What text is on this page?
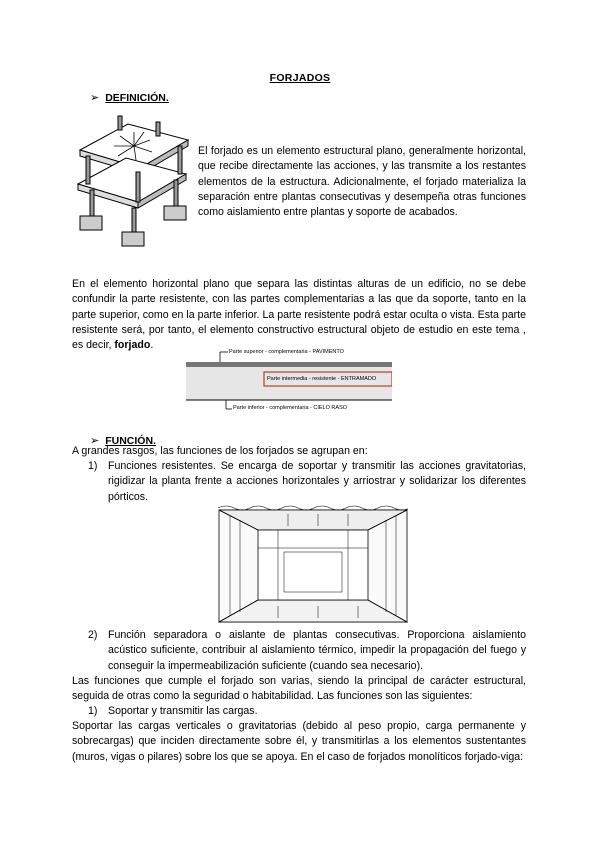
FORJADOS
➢ DEFINICIÓN.
El forjado es un elemento estructural plano, generalmente horizontal, que recibe directamente las acciones, y las transmite a los restantes elementos de la estructura. Adicionalmente, el forjado materializa la separación entre plantas consecutivas y desempeña otras funciones como aislamiento entre plantas y soporte de acabados.
En el elemento horizontal plano que separa las distintas alturas de un edificio, no se debe confundir la parte resistente, con las partes complementarias a las que da soporte, tanto en la parte superior, como en la parte inferior. La parte resistente podrá estar oculta o vista. Esta parte resistente será, por tanto, el elemento constructivo estructural objeto de estudio en este tema , es decir, forjado.
Parte superior - complementaria - PAVIMENTO
Parte intermedia - resistente - ENTRAMADO
Parte inferior - complementaria - CIELO RASO
➢ FUNCIÓN.
A grandes rasgos, las funciones de los forjados se agrupan en:
1) Funciones resistentes. Se encarga de soportar y transmitir las acciones gravitatorias, rigidizar la planta frente a acciones horizontales y arriostrar y solidarizar los diferentes pórticos.
2) Función separadora o aislante de plantas consecutivas. Proporciona aislamiento acústico suficiente, contribuir al aislamiento térmico, impedir la propagación del fuego y conseguir la impermeabilización suficiente (cuando sea necesario).
Las funciones que cumple el forjado son varias, siendo la principal de carácter estructural, seguida de otras como la seguridad o habitabilidad. Las funciones son las siguientes:
1) Soportar y transmitir las cargas.
Soportar las cargas verticales o gravitatorias (debido al peso propio, carga permanente y sobrecargas) que inciden directamente sobre él, y transmitirlas a los elementos sustentantes (muros, vigas o pilares) sobre los que se apoya. En el caso de forjados monolíticos forjado-viga:
